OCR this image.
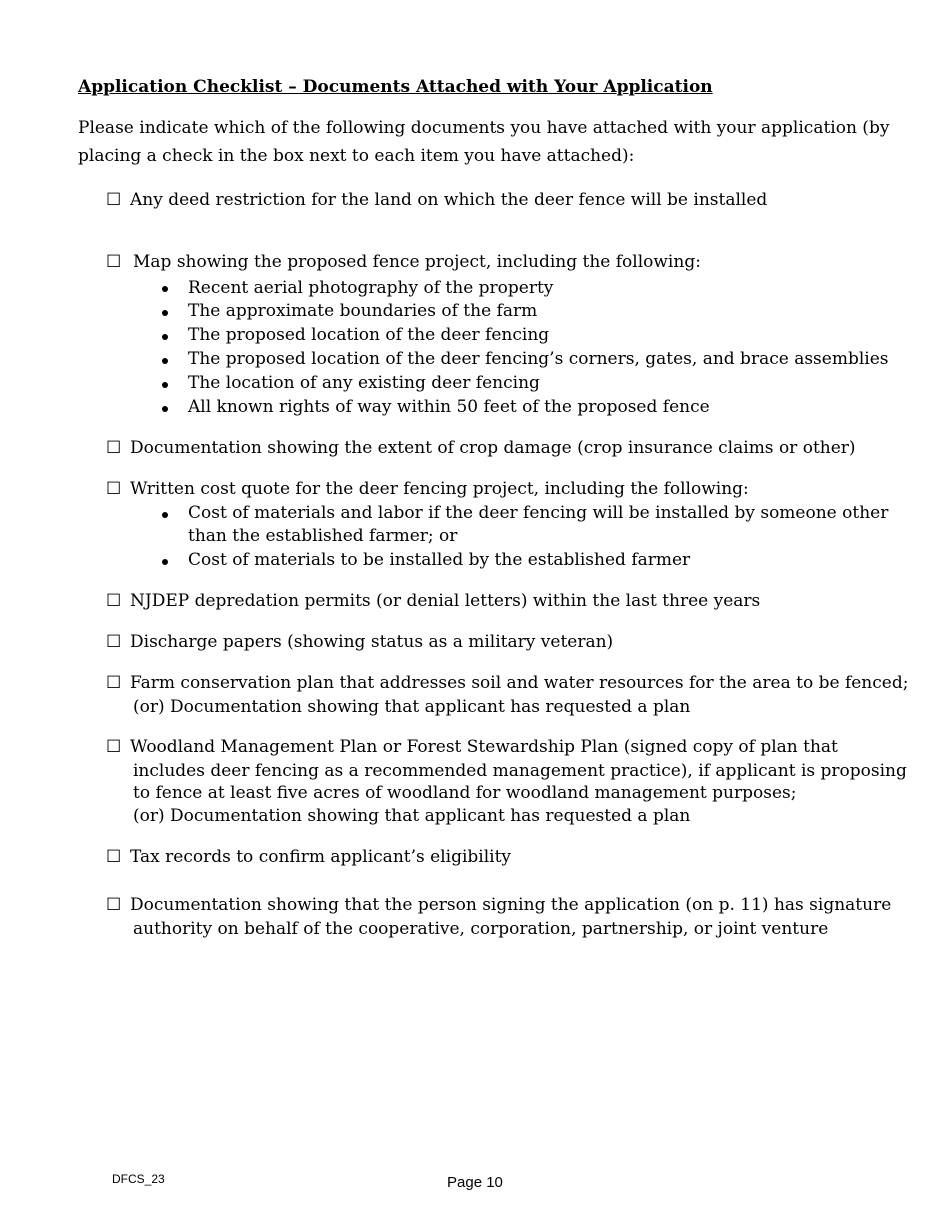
Application Checklist – Documents Attached with Your Application
Please indicate which of the following documents you have attached with your application (by
placing a check in the box next to each item you have attached):
☐ Any deed restriction for the land on which the deer fence will be installed
☐ Map showing the proposed fence project, including the following:
Recent aerial photography of the property
The approximate boundaries of the farm
The proposed location of the deer fencing
The proposed location of the deer fencing’s corners, gates, and brace assemblies
The location of any existing deer fencing
All known rights of way within 50 feet of the proposed fence
☐ Documentation showing the extent of crop damage (crop insurance claims or other)
☐ Written cost quote for the deer fencing project, including the following:
Cost of materials and labor if the deer fencing will be installed by someone other
than the established farmer; or
Cost of materials to be installed by the established farmer
☐ NJDEP depredation permits (or denial letters) within the last three years
☐ Discharge papers (showing status as a military veteran)
☐ Farm conservation plan that addresses soil and water resources for the area to be fenced;
(or) Documentation showing that applicant has requested a plan
☐ Woodland Management Plan or Forest Stewardship Plan (signed copy of plan that
includes deer fencing as a recommended management practice), if applicant is proposing
to fence at least five acres of woodland for woodland management purposes;
(or) Documentation showing that applicant has requested a plan
☐ Tax records to confirm applicant’s eligibility
☐ Documentation showing that the person signing the application (on p. 11) has signature
authority on behalf of the cooperative, corporation, partnership, or joint venture
DFCS_23	Page 10
